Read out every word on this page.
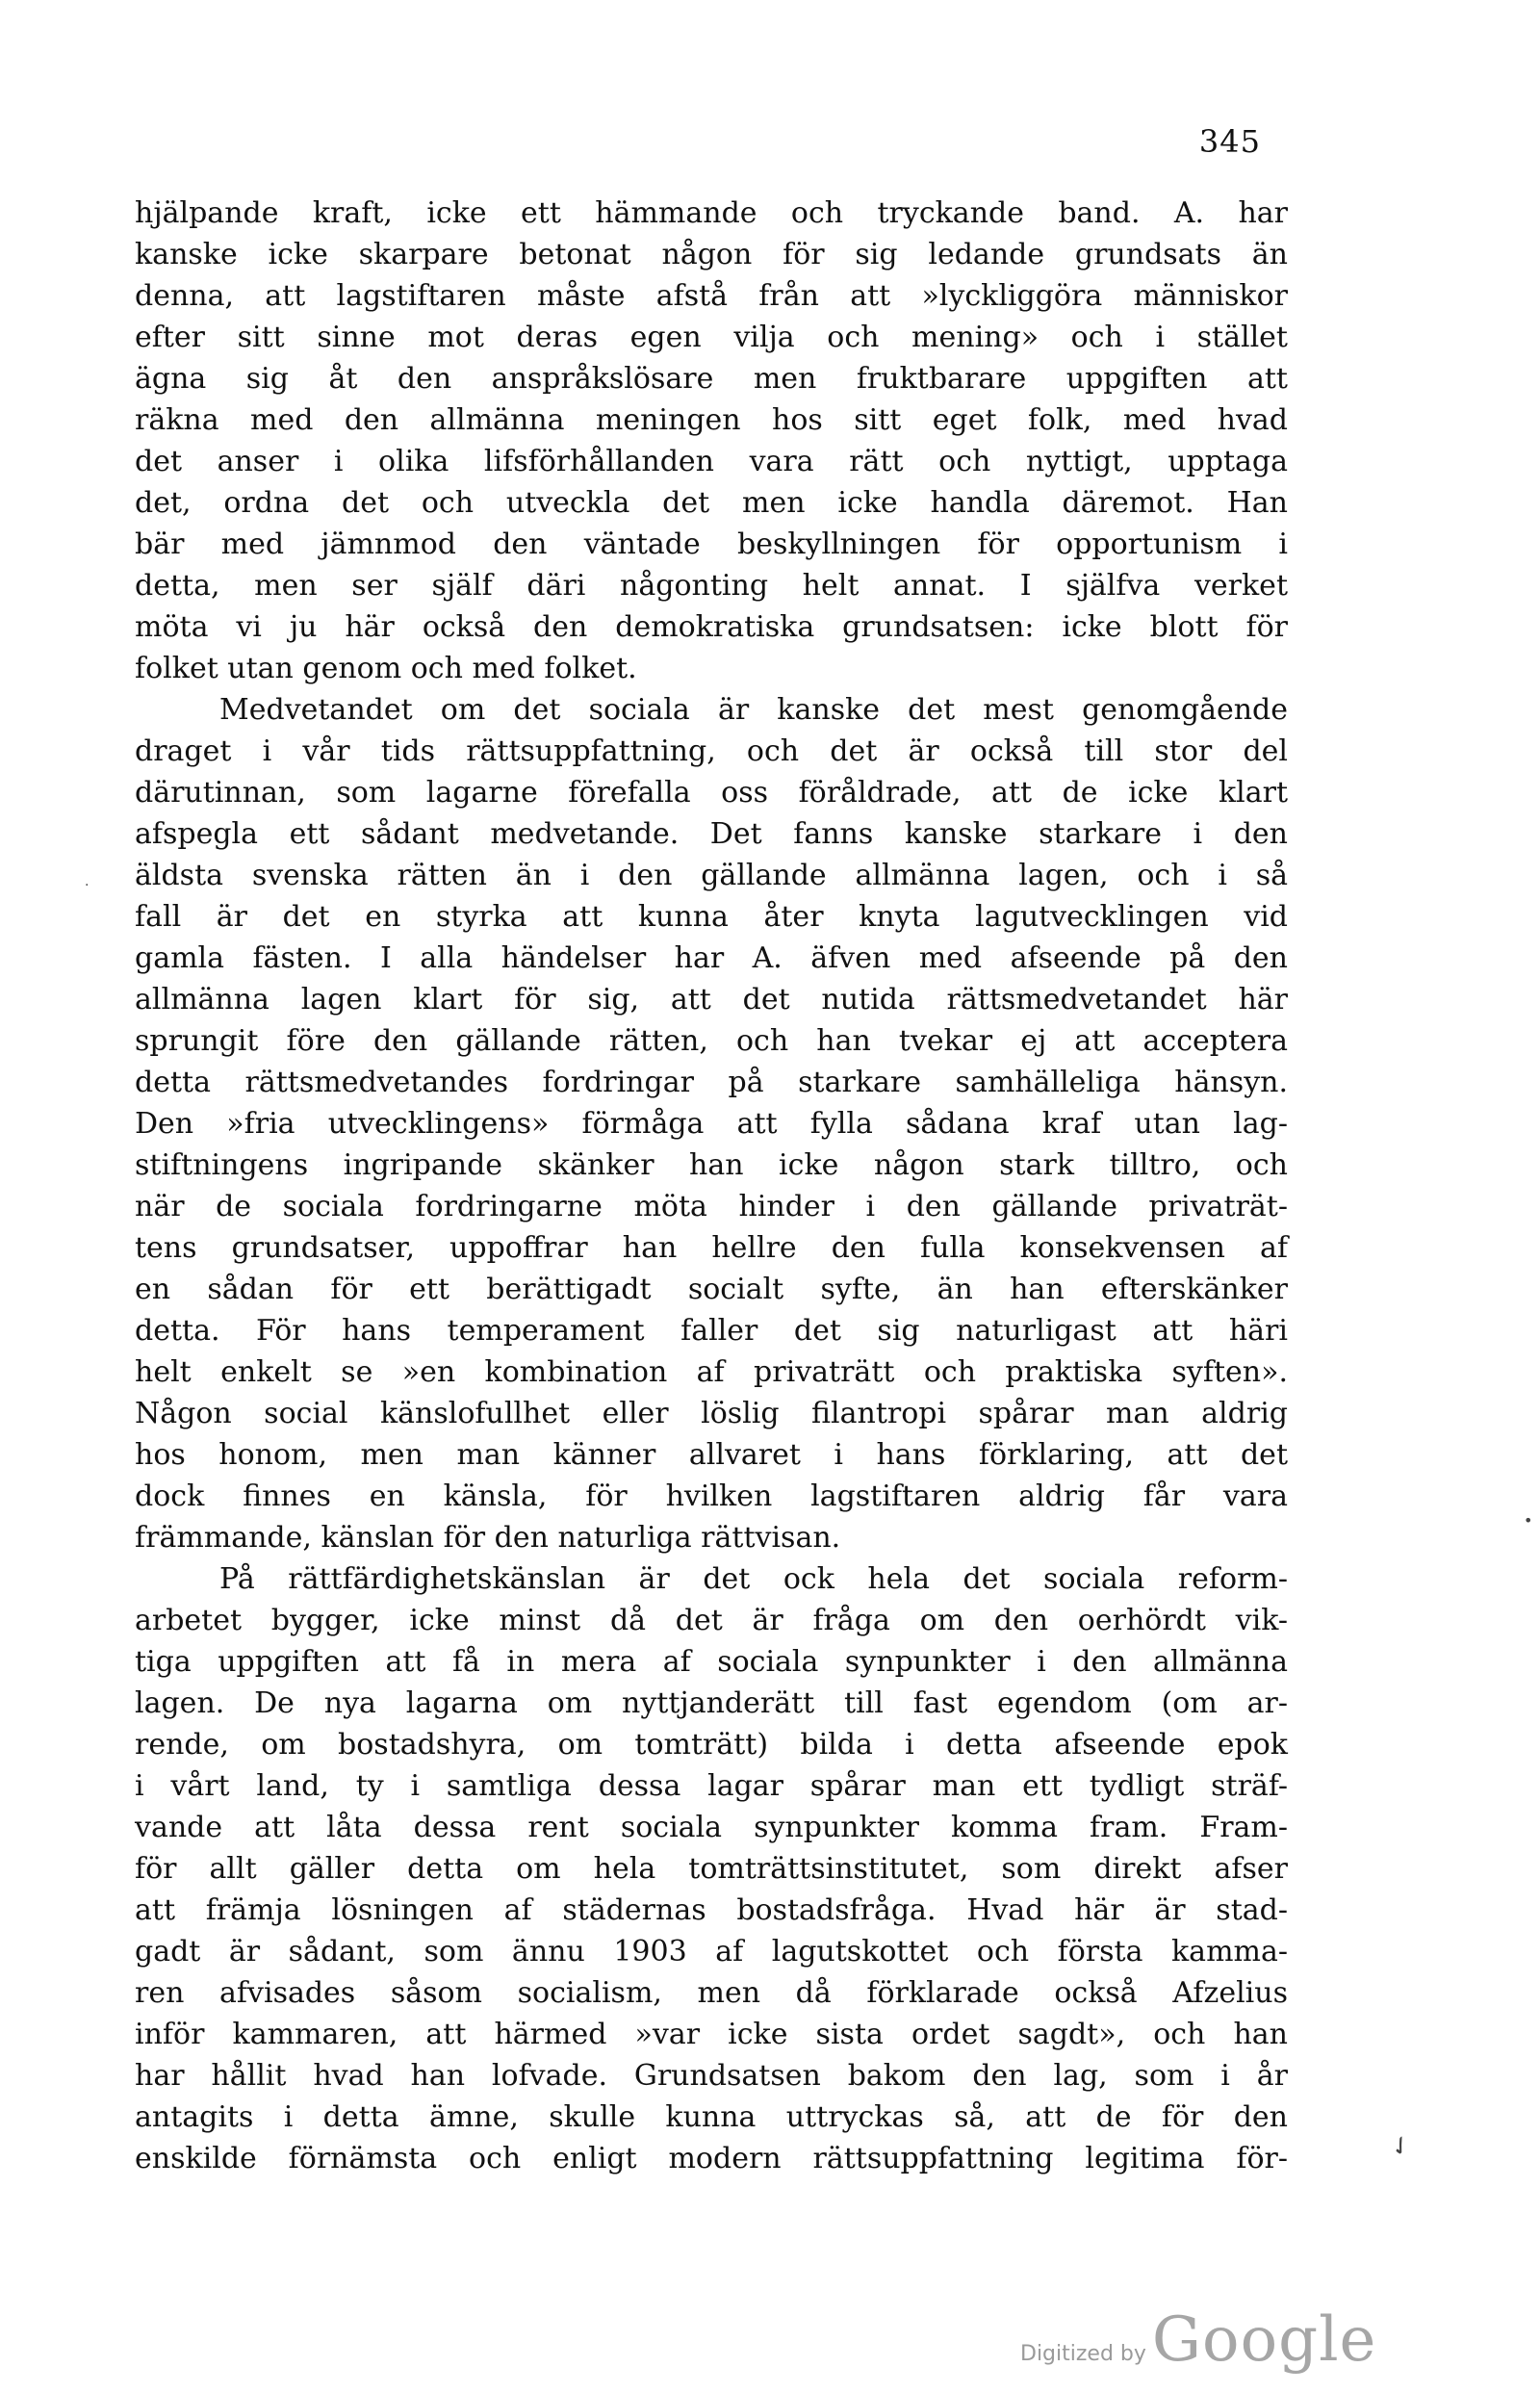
345
hjälpande kraft, icke ett hämmande och tryckande band. A. har
kanske icke skarpare betonat någon för sig ledande grundsats än
denna, att lagstiftaren måste afstå från att »lyckliggöra människor
efter sitt sinne mot deras egen vilja och mening» och i stället
ägna sig åt den anspråkslösare men fruktbarare uppgiften att
räkna med den allmänna meningen hos sitt eget folk, med hvad
det anser i olika lifsförhållanden vara rätt och nyttigt, upptaga
det, ordna det och utveckla det men icke handla däremot. Han
bär med jämnmod den väntade beskyllningen för opportunism i
detta, men ser själf däri någonting helt annat. I själfva verket
möta vi ju här också den demokratiska grundsatsen: icke blott för
folket utan genom och med folket.
Medvetandet om det sociala är kanske det mest genomgående
draget i vår tids rättsuppfattning, och det är också till stor del
därutinnan, som lagarne förefalla oss föråldrade, att de icke klart
afspegla ett sådant medvetande. Det fanns kanske starkare i den
äldsta svenska rätten än i den gällande allmänna lagen, och i så
fall är det en styrka att kunna åter knyta lagutvecklingen vid
gamla fästen. I alla händelser har A. äfven med afseende på den
allmänna lagen klart för sig, att det nutida rättsmedvetandet här
sprungit före den gällande rätten, och han tvekar ej att acceptera
detta rättsmedvetandes fordringar på starkare samhälleliga hänsyn.
Den »fria utvecklingens» förmåga att fylla sådana kraf utan lag-
stiftningens ingripande skänker han icke någon stark tilltro, och
när de sociala fordringarne möta hinder i den gällande privaträt-
tens grundsatser, uppoffrar han hellre den fulla konsekvensen af
en sådan för ett berättigadt socialt syfte, än han efterskänker
detta. För hans temperament faller det sig naturligast att häri
helt enkelt se »en kombination af privaträtt och praktiska syften».
Någon social känslofullhet eller löslig filantropi spårar man aldrig
hos honom, men man känner allvaret i hans förklaring, att det
dock finnes en känsla, för hvilken lagstiftaren aldrig får vara
främmande, känslan för den naturliga rättvisan.
På rättfärdighetskänslan är det ock hela det sociala reform-
arbetet bygger, icke minst då det är fråga om den oerhördt vik-
tiga uppgiften att få in mera af sociala synpunkter i den allmänna
lagen. De nya lagarna om nyttjanderätt till fast egendom (om ar-
rende, om bostadshyra, om tomträtt) bilda i detta afseende epok
i vårt land, ty i samtliga dessa lagar spårar man ett tydligt sträf-
vande att låta dessa rent sociala synpunkter komma fram. Fram-
för allt gäller detta om hela tomträttsinstitutet, som direkt afser
att främja lösningen af städernas bostadsfråga. Hvad här är stad-
gadt är sådant, som ännu 1903 af lagutskottet och första kamma-
ren afvisades såsom socialism, men då förklarade också Afzelius
inför kammaren, att härmed »var icke sista ordet sagdt», och han
har hållit hvad han lofvade. Grundsatsen bakom den lag, som i år
antagits i detta ämne, skulle kunna uttryckas så, att de för den
enskilde förnämsta och enligt modern rättsuppfattning legitima för-	✓
•
·
Digitized by Google
